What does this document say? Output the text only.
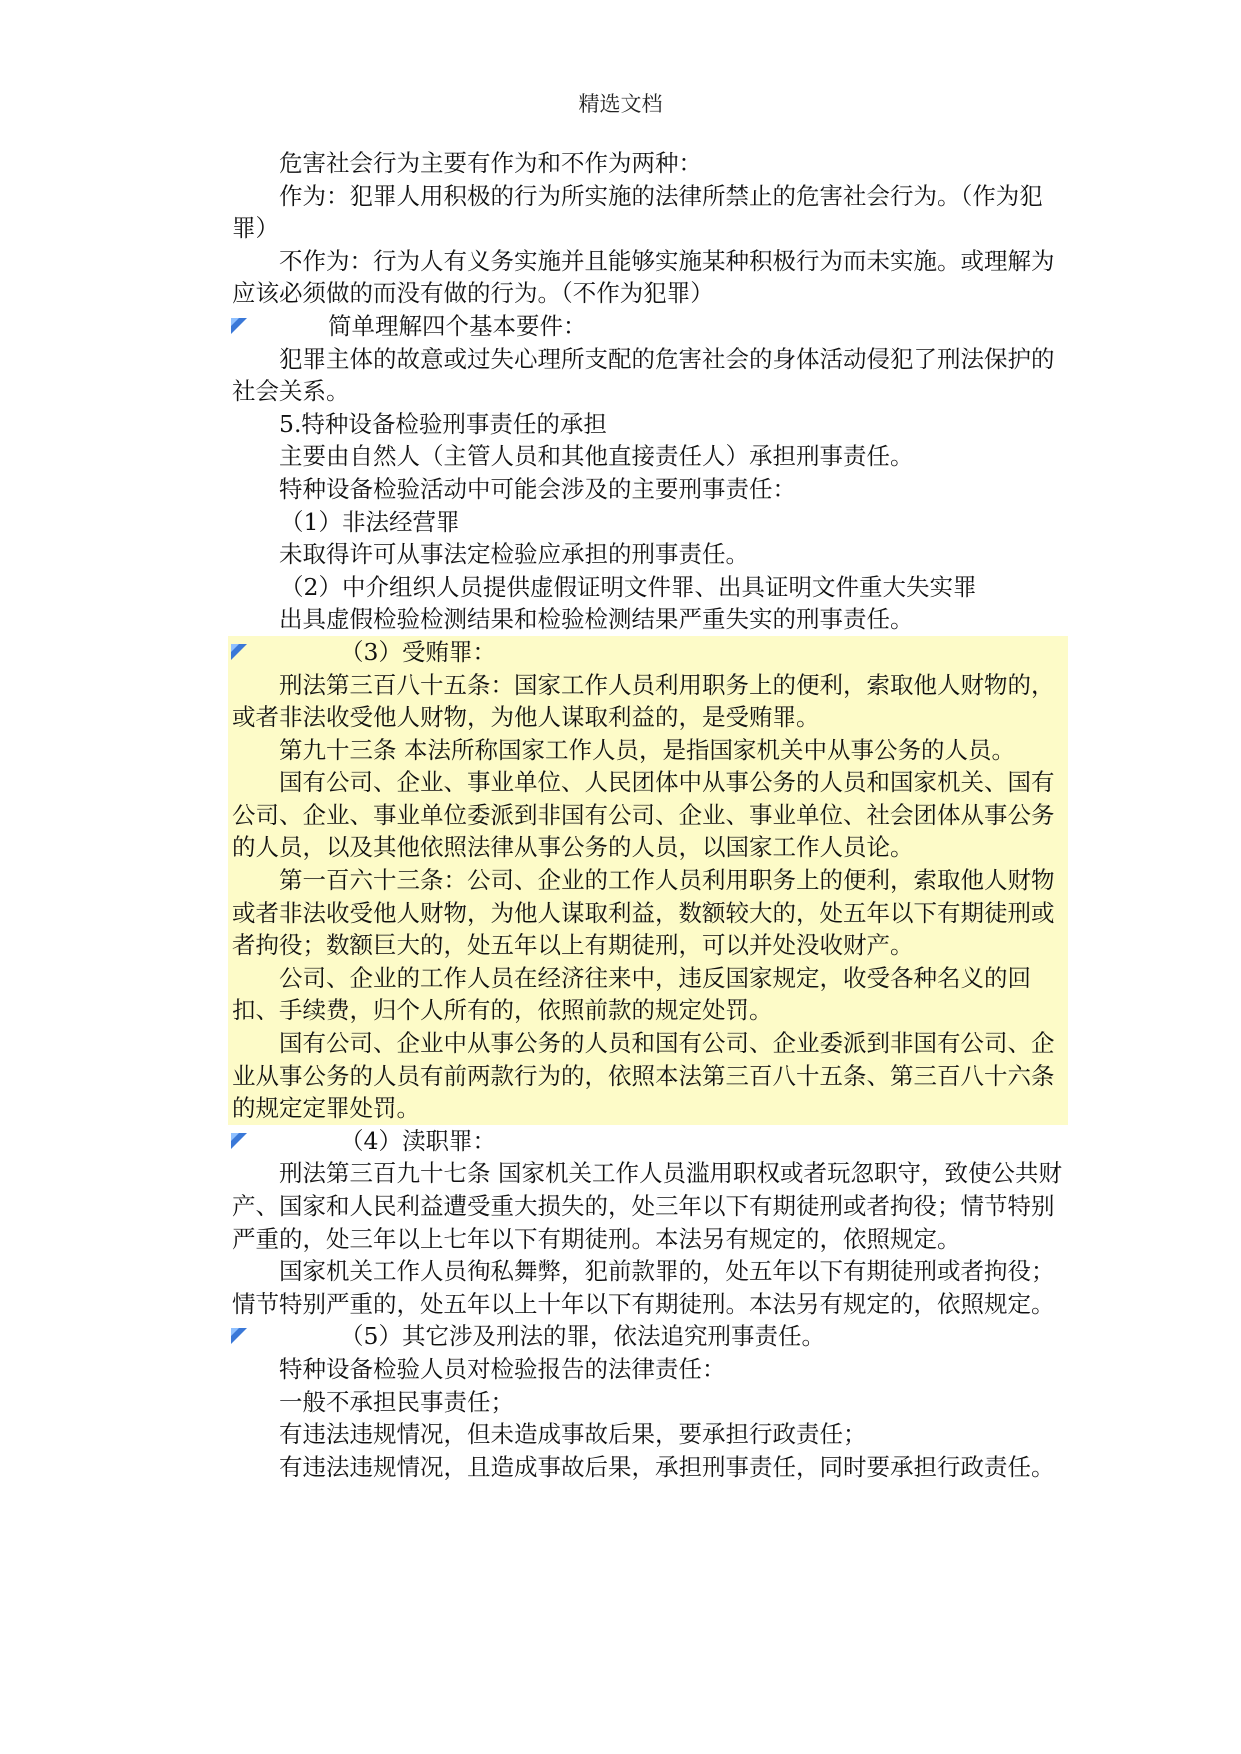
精选文档

危害社会行为主要有作为和不作为两种：

作为：犯罪人用积极的行为所实施的法律所禁止的危害社会行为。（作为犯罪）

不作为：行为人有义务实施并且能够实施某种积极行为而未实施。或理解为应该必须做的而没有做的行为。（不作为犯罪）

简单理解四个基本要件：

犯罪主体的故意或过失心理所支配的危害社会的身体活动侵犯了刑法保护的社会关系。

5.特种设备检验刑事责任的承担

主要由自然人（主管人员和其他直接责任人）承担刑事责任。

特种设备检验活动中可能会涉及的主要刑事责任：

（1）非法经营罪

未取得许可从事法定检验应承担的刑事责任。

（2）中介组织人员提供虚假证明文件罪、出具证明文件重大失实罪

出具虚假检验检测结果和检验检测结果严重失实的刑事责任。

（3）受贿罪：

刑法第三百八十五条：国家工作人员利用职务上的便利，索取他人财物的，或者非法收受他人财物，为他人谋取利益的，是受贿罪。

第九十三条 本法所称国家工作人员，是指国家机关中从事公务的人员。

国有公司、企业、事业单位、人民团体中从事公务的人员和国家机关、国有公司、企业、事业单位委派到非国有公司、企业、事业单位、社会团体从事公务的人员，以及其他依照法律从事公务的人员，以国家工作人员论。

第一百六十三条：公司、企业的工作人员利用职务上的便利，索取他人财物或者非法收受他人财物，为他人谋取利益，数额较大的，处五年以下有期徒刑或者拘役；数额巨大的，处五年以上有期徒刑，可以并处没收财产。

公司、企业的工作人员在经济往来中，违反国家规定，收受各种名义的回扣、手续费，归个人所有的，依照前款的规定处罚。

国有公司、企业中从事公务的人员和国有公司、企业委派到非国有公司、企业从事公务的人员有前两款行为的，依照本法第三百八十五条、第三百八十六条的规定定罪处罚。

（4）渎职罪：

刑法第三百九十七条 国家机关工作人员滥用职权或者玩忽职守，致使公共财产、国家和人民利益遭受重大损失的，处三年以下有期徒刑或者拘役；情节特别严重的，处三年以上七年以下有期徒刑。本法另有规定的，依照规定。

国家机关工作人员徇私舞弊，犯前款罪的，处五年以下有期徒刑或者拘役；情节特别严重的，处五年以上十年以下有期徒刑。本法另有规定的，依照规定。

（5）其它涉及刑法的罪，依法追究刑事责任。

特种设备检验人员对检验报告的法律责任：

一般不承担民事责任；

有违法违规情况，但未造成事故后果，要承担行政责任；

有违法违规情况，且造成事故后果，承担刑事责任，同时要承担行政责任。
